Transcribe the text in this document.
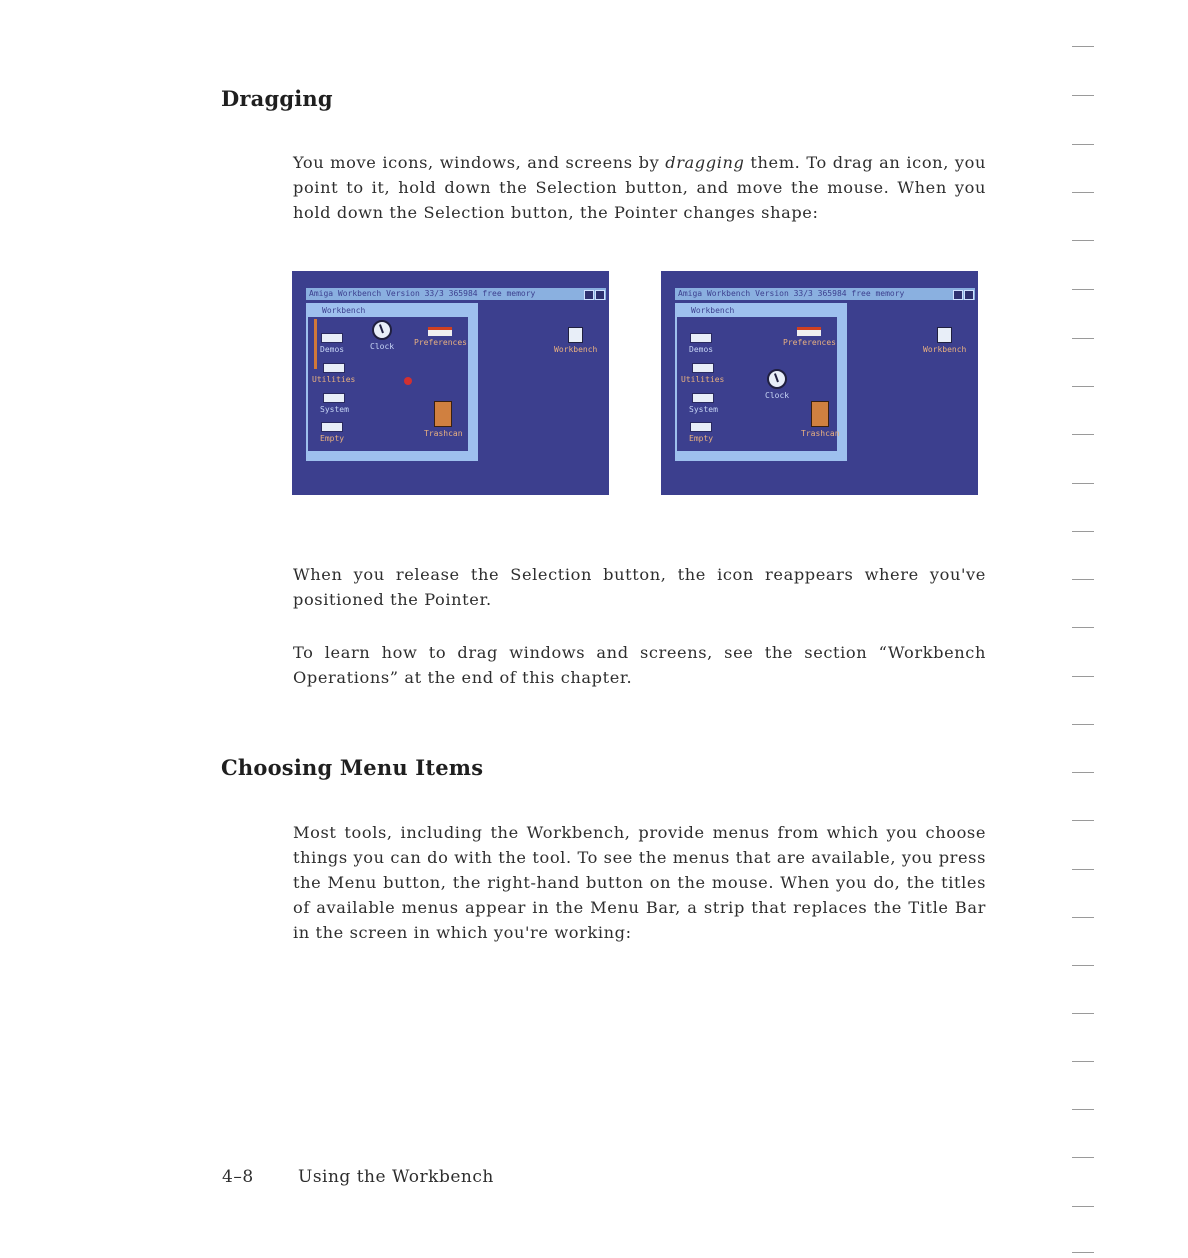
Dragging

You move icons, windows, and screens by dragging them. To drag an icon, you point to it, hold down the Selection button, and move the mouse. When you hold down the Selection button, the Pointer changes shape:

Amiga Workbench Version 33/3 365984 free memory
Workbench
Demos
Utilities
System
Empty
Clock Preferences
Trashcan
Workbench
Amiga Workbench Version 33/3 365984 free memory
Workbench
Demos
Utilities
System
Empty
Clock
Preferences
Trashcan
Workbench

When you release the Selection button, the icon reappears where you've positioned the Pointer.

To learn how to drag windows and screens, see the section “Workbench Operations” at the end of this chapter.

Choosing Menu Items

Most tools, including the Workbench, provide menus from which you choose things you can do with the tool. To see the menus that are available, you press the Menu button, the right-hand button on the mouse. When you do, the titles of available menus appear in the Menu Bar, a strip that replaces the Title Bar in the screen in which you're working:

4–8	Using the Workbench
